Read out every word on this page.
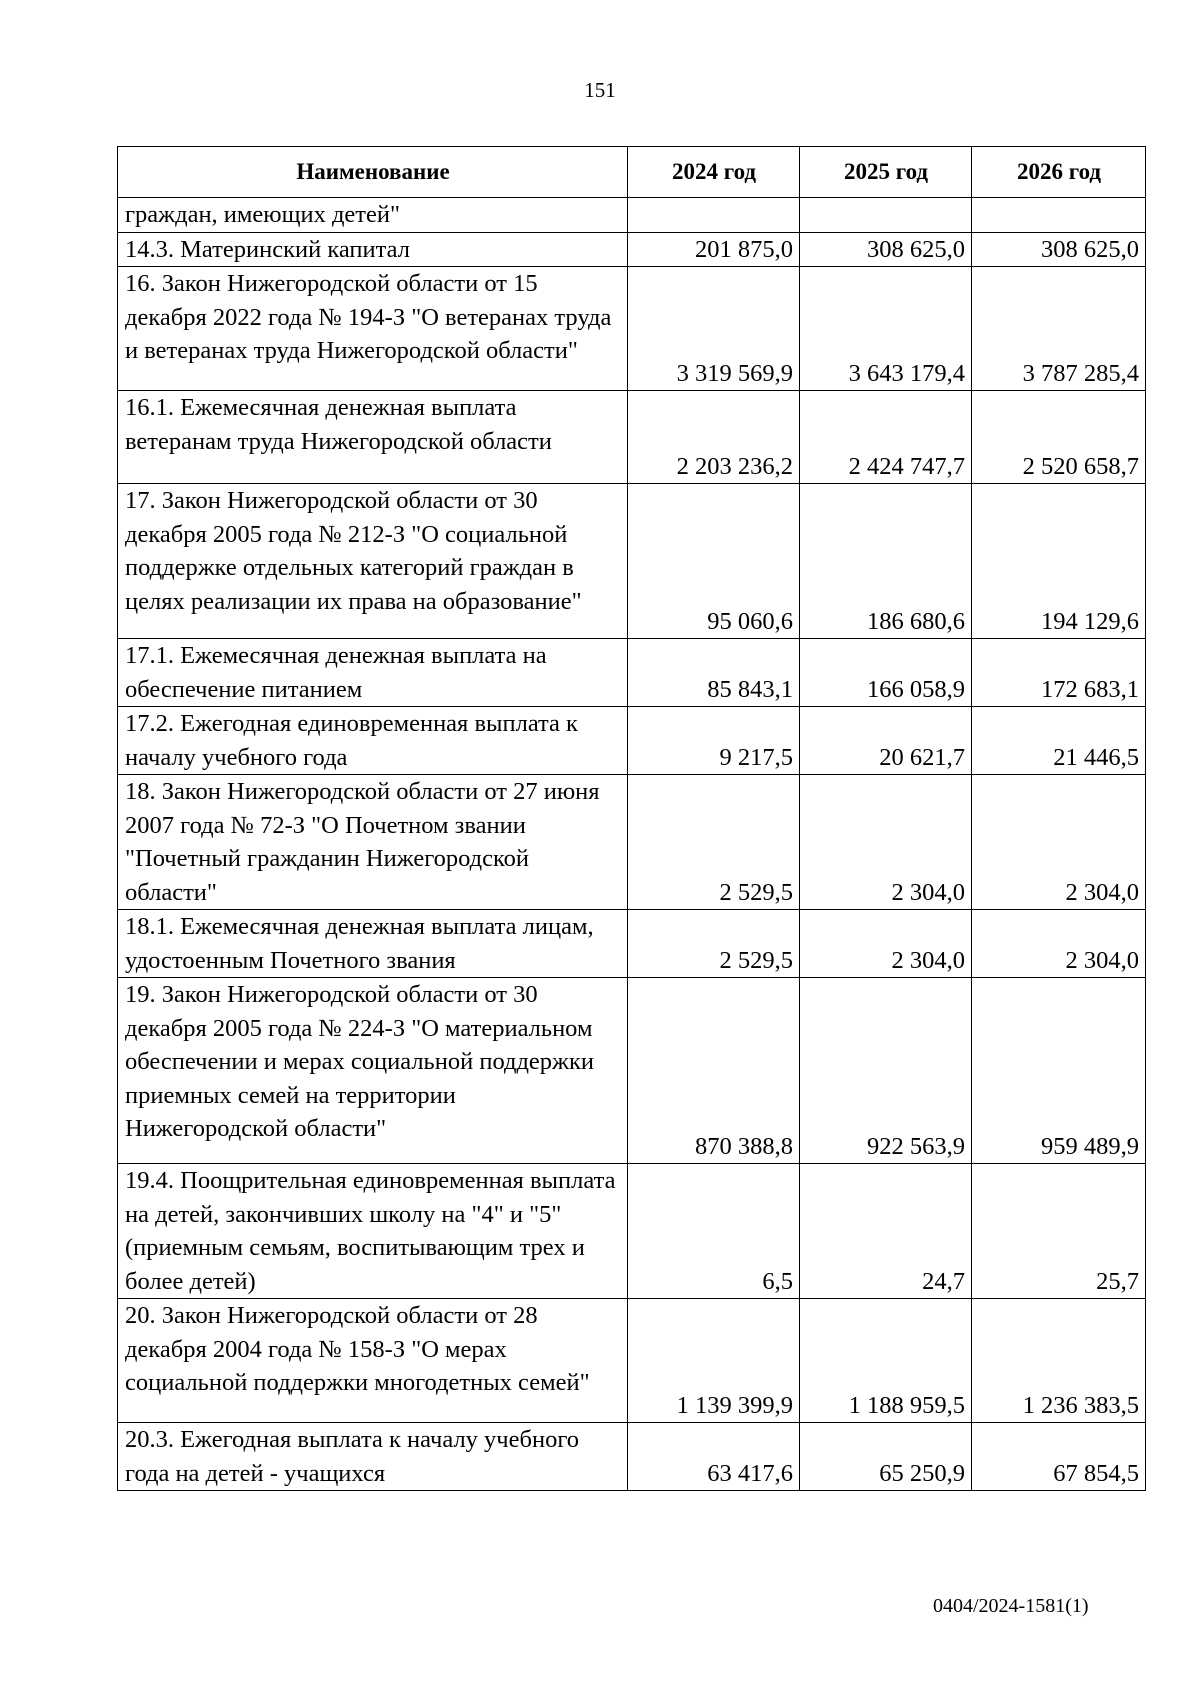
151
Наименование	2024 год	2025 год	2026 год
граждан, имеющих детей"			
14.3. Материнский капитал	201 875,0	308 625,0	308 625,0
16. Закон Нижегородской области от 15 декабря 2022 года № 194-З "О ветеранах труда и ветеранах труда Нижегородской области"	3 319 569,9	3 643 179,4	3 787 285,4
16.1. Ежемесячная денежная выплата ветеранам труда Нижегородской области	2 203 236,2	2 424 747,7	2 520 658,7
17. Закон Нижегородской области от 30 декабря 2005 года № 212-З "О социальной поддержке отдельных категорий граждан в целях реализации их права на образование"	95 060,6	186 680,6	194 129,6
17.1. Ежемесячная денежная выплата на обеспечение питанием	85 843,1	166 058,9	172 683,1
17.2. Ежегодная единовременная выплата к началу учебного года	9 217,5	20 621,7	21 446,5
18. Закон Нижегородской области от 27 июня 2007 года № 72-З "О Почетном звании "Почетный гражданин Нижегородской области"	2 529,5	2 304,0	2 304,0
18.1. Ежемесячная денежная выплата лицам, удостоенным Почетного звания	2 529,5	2 304,0	2 304,0
19. Закон Нижегородской области от 30 декабря 2005 года № 224-З "О материальном обеспечении и мерах социальной поддержки приемных семей на территории Нижегородской области"	870 388,8	922 563,9	959 489,9
19.4. Поощрительная единовременная выплата на детей, закончивших школу на "4" и "5" (приемным семьям, воспитывающим трех и более детей)	6,5	24,7	25,7
20. Закон Нижегородской области от 28 декабря 2004 года № 158-З "О мерах социальной поддержки многодетных семей"	1 139 399,9	1 188 959,5	1 236 383,5
20.3. Ежегодная выплата к началу учебного года на детей - учащихся	63 417,6	65 250,9	67 854,5
0404/2024-1581(1)
